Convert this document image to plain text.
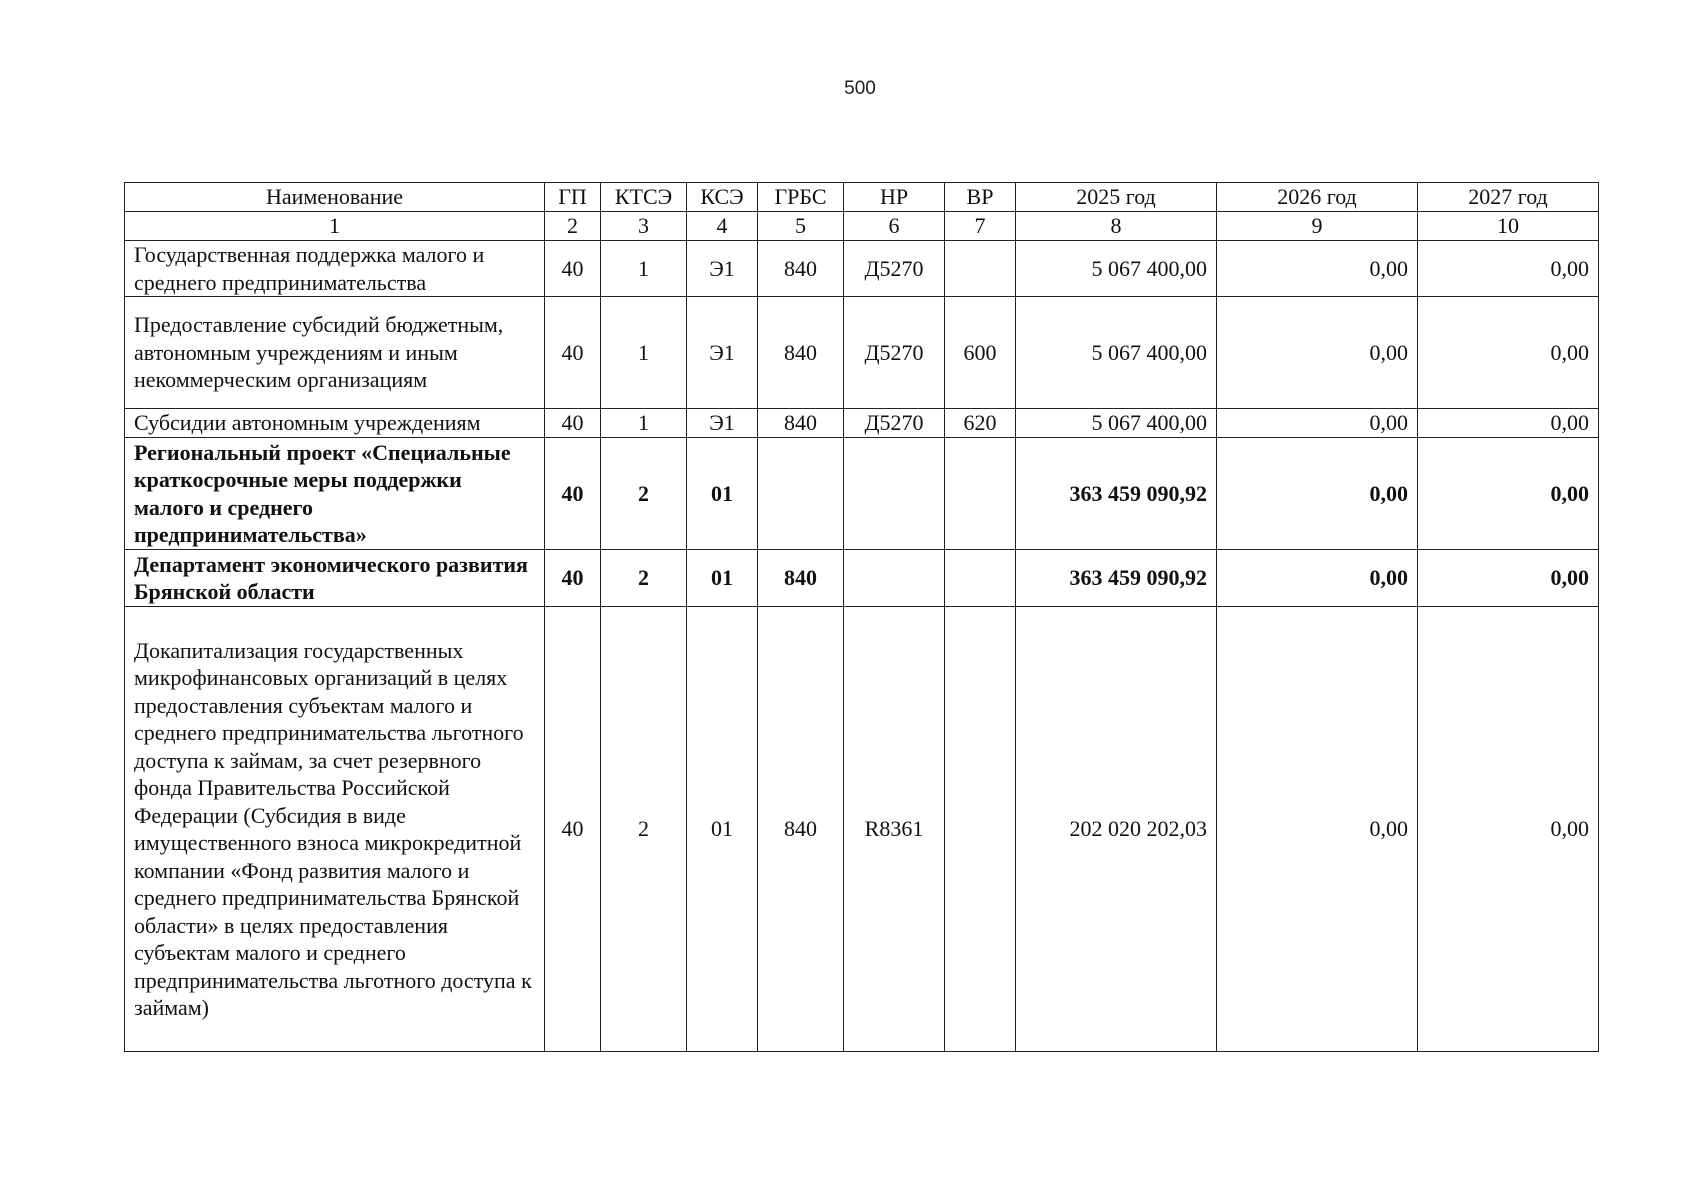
500
Наименование	ГП	КТСЭ	КСЭ	ГРБС	НР	ВР	2025 год	2026 год	2027 год
1	2	3	4	5	6	7	8	9	10
Государственная поддержка малого и среднего предпринимательства	40	1	Э1	840	Д5270		5 067 400,00	0,00	0,00
Предоставление субсидий бюджетным, автономным учреждениям и иным некоммерческим организациям	40	1	Э1	840	Д5270	600	5 067 400,00	0,00	0,00
Субсидии автономным учреждениям	40	1	Э1	840	Д5270	620	5 067 400,00	0,00	0,00
Региональный проект «Специальные краткосрочные меры поддержки малого и среднего предпринимательства»	40	2	01				363 459 090,92	0,00	0,00
Департамент экономического развития Брянской области	40	2	01	840			363 459 090,92	0,00	0,00
Докапитализация государственных микрофинансовых организаций в целях предоставления субъектам малого и среднего предпринимательства льготного доступа к займам, за счет резервного фонда Правительства Российской Федерации (Субсидия в виде имущественного взноса микрокредитной компании «Фонд развития малого и среднего предпринимательства Брянской области» в целях предоставления субъектам малого и среднего предпринимательства льготного доступа к займам)	40	2	01	840	R8361		202 020 202,03	0,00	0,00
